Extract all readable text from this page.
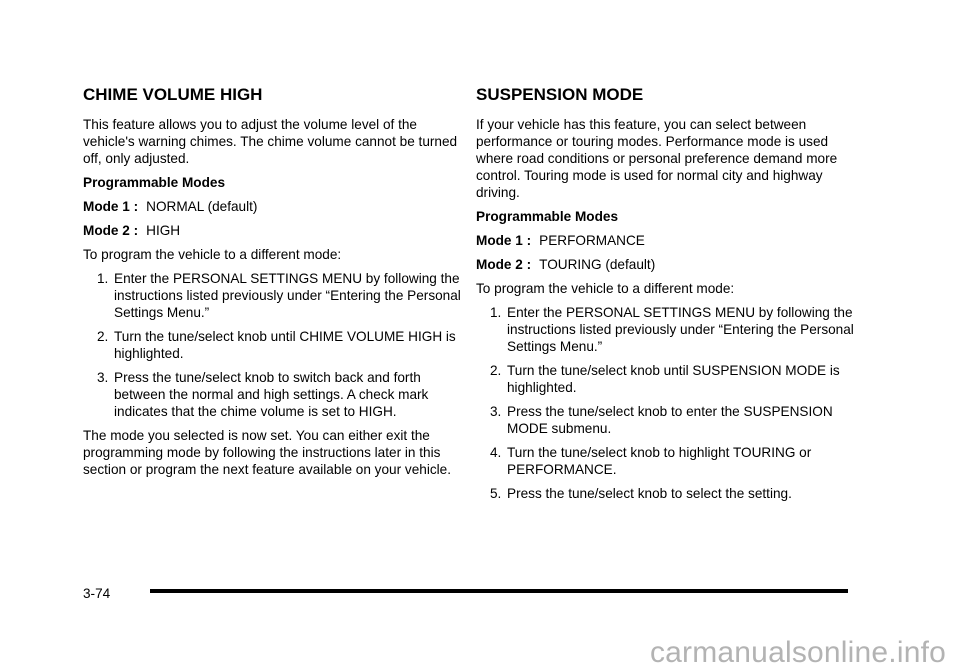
CHIME VOLUME HIGH

This feature allows you to adjust the volume level of the vehicle's warning chimes. The chime volume cannot be turned off, only adjusted.

Programmable Modes

Mode 1 : NORMAL (default)
Mode 2 : HIGH

To program the vehicle to a different mode:

1. Enter the PERSONAL SETTINGS MENU by following the instructions listed previously under “Entering the Personal Settings Menu.”
2. Turn the tune/select knob until CHIME VOLUME HIGH is highlighted.
3. Press the tune/select knob to switch back and forth between the normal and high settings. A check mark indicates that the chime volume is set to HIGH.

The mode you selected is now set. You can either exit the programming mode by following the instructions later in this section or program the next feature available on your vehicle.

SUSPENSION MODE

If your vehicle has this feature, you can select between performance or touring modes. Performance mode is used where road conditions or personal preference demand more control. Touring mode is used for normal city and highway driving.

Programmable Modes

Mode 1 : PERFORMANCE
Mode 2 : TOURING (default)

To program the vehicle to a different mode:

1. Enter the PERSONAL SETTINGS MENU by following the instructions listed previously under “Entering the Personal Settings Menu.”
2. Turn the tune/select knob until SUSPENSION MODE is highlighted.
3. Press the tune/select knob to enter the SUSPENSION MODE submenu.
4. Turn the tune/select knob to highlight TOURING or PERFORMANCE.
5. Press the tune/select knob to select the setting.
3-74
carmanualsonline.info
